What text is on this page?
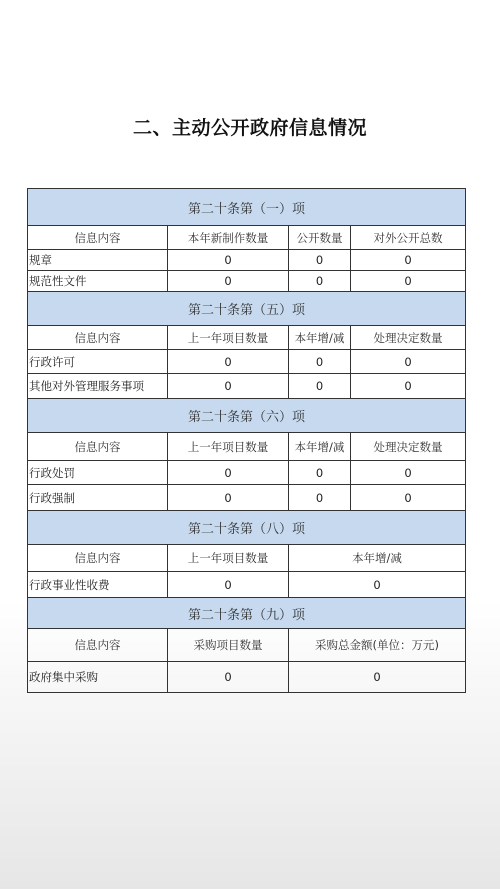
二、主动公开政府信息情况
第二十条第（一）项			
信息内容	本年新制作数量	公开数量	对外公开总数
规章	0	0	0
规范性文件	0	0	0
第二十条第（五）项			
信息内容	上一年项目数量	本年增/减	处理决定数量
行政许可	0	0	0
其他对外管理服务事项	0	0	0
第二十条第（六）项			
信息内容	上一年项目数量	本年增/减	处理决定数量
行政处罚	0	0	0
行政强制	0	0	0
第二十条第（八）项			
信息内容	上一年项目数量	本年增/减	
行政事业性收费	0	0	
第二十条第（九）项			
信息内容	采购项目数量	采购总金额(单位：万元)	
政府集中采购	0	0	
